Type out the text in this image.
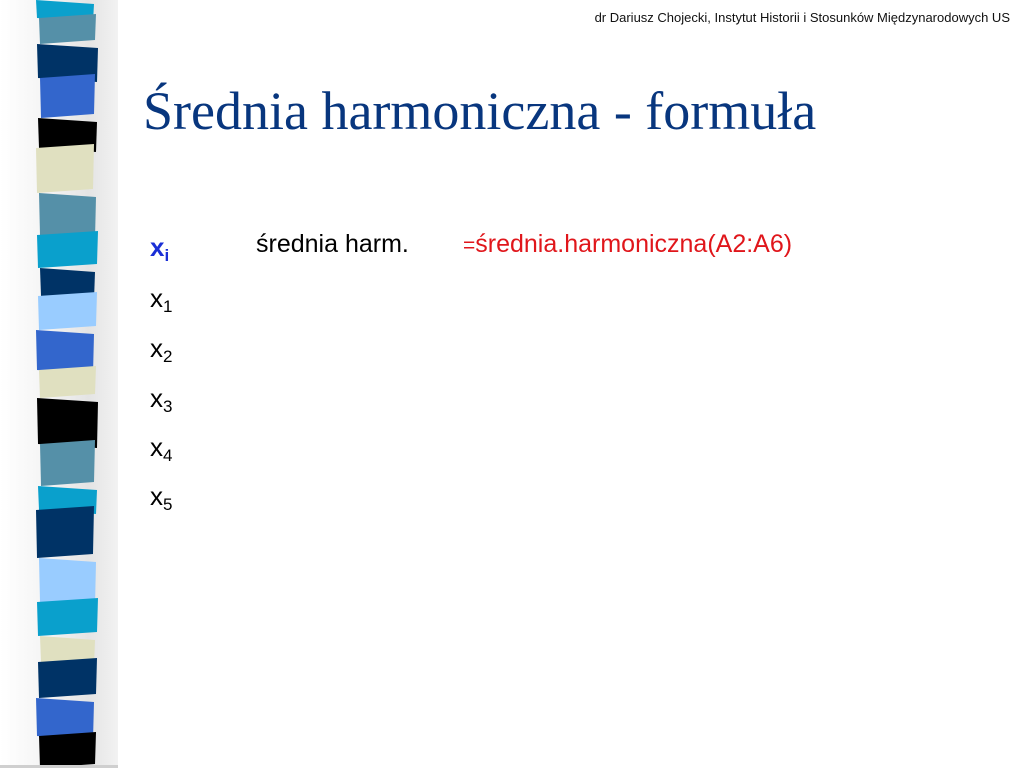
dr Dariusz Chojecki, Instytut Historii i Stosunków Międzynarodowych US
Średnia harmoniczna - formuła
$x_i$	średnia harm.	=średnia.harmoniczna(A2:A6)
$x_1$
$x_2$
$x_3$
$x_4$
$x_5$
